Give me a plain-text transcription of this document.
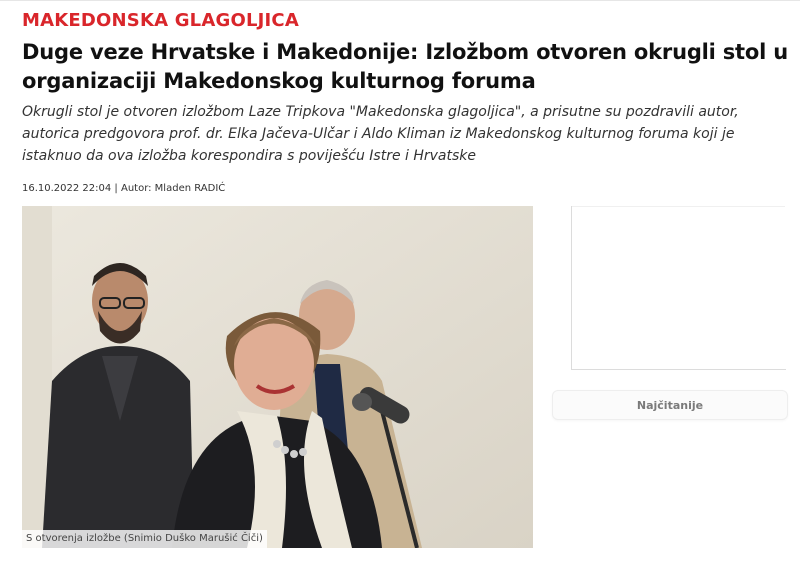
MAKEDONSKA GLAGOLJICA
Duge veze Hrvatske i Makedonije: Izložbom otvoren okrugli stol u organizaciji Makedonskog kulturnog foruma

Okrugli stol je otvoren izložbom Laze Tripkova "Makedonska glagoljica", a prisutne su pozdravili autor, autorica predgovora prof. dr. Elka Jačeva-Ulčar i Aldo Kliman iz Makedonskog kulturnog foruma koji je istaknuo da ova izložba korespondira s poviješću Istre i Hrvatske

16.10.2022 22:04 | Autor: Mladen RADIĆ
S otvorenja izložbe (Snimio Duško Marušić Čiči)
Najčitanije
